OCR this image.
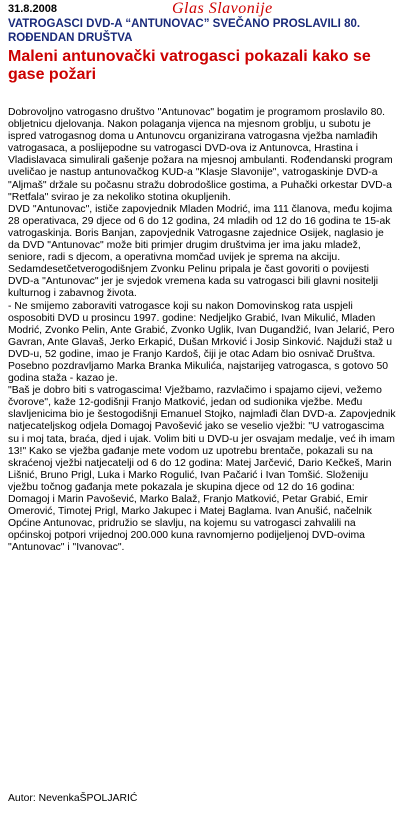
31.8.2008	Glas Slavonije
VATROGASCI DVD-A “ANTUNOVAC” SVEČANO PROSLAVILI 80. ROĐENDAN DRUŠTVA
Maleni antunovački vatrogasci pokazali kako se gase požari

Dobrovoljno vatrogasno društvo "Antunovac" bogatim je programom proslavilo 80. obljetnicu djelovanja. Nakon polaganja vijenca na mjesnom groblju, u subotu je ispred vatrogasnog doma u Antunovcu organizirana vatrogasna vježba namlađih vatrogasaca, a poslijepodne su vatrogasci DVD-ova iz Antunovca, Hrastina i Vladislavaca simulirali gašenje požara na mjesnoj ambulanti. Rođendanski program uveličao je nastup antunovačkog KUD-a "Klasje Slavonije", vatrogaskinje DVD-a "Aljmaš" držale su počasnu stražu dobrodošlice gostima, a Puhački orkestar DVD-a "Retfala" svirao je za nekoliko stotina okupljenih.

DVD "Antunovac", ističe zapovjednik Mladen Modrić, ima 111 članova, među kojima 28 operativaca, 29 djece od 6 do 12 godina, 24 mladih od 12 do 16 godina te 15-ak vatrogaskinja. Boris Banjan, zapovjednik Vatrogasne zajednice Osijek, naglasio je da DVD "Antunovac" može biti primjer drugim društvima jer ima jaku mladež, seniore, radi s djecom, a operativna momčad uvijek je sprema na akciju. Sedamdesetčetverogodišnjem Zvonku Pelinu pripala je čast govoriti o povijesti DVD-a "Antunovac" jer je svjedok vremena kada su vatrogasci bili glavni nositelji kulturnog i zabavnog života.

- Ne smijemo zaboraviti vatrogasce koji su nakon Domovinskog rata uspjeli osposobiti DVD u prosincu 1997. godine: Nedjeljko Grabić, Ivan Mikulić, Mladen Modrić, Zvonko Pelin, Ante Grabić, Zvonko Uglik, Ivan Dugandžić, Ivan Jelarić, Pero Gavran, Ante Glavaš, Jerko Erkapić, Dušan Mrković i Josip Sinković. Najduži staž u DVD-u, 52 godine, imao je Franjo Kardoš, čiji je otac Adam bio osnivač Društva. Posebno pozdravljamo Marka Branka Mikulića, najstarijeg vatrogasca, s gotovo 50 godina staža - kazao je.

"Baš je dobro biti s vatrogascima! Vježbamo, razvlačimo i spajamo cijevi, vežemo čvorove", kaže 12-godišnji Franjo Matković, jedan od sudionika vježbe. Među slavljenicima bio je šestogodišnji Emanuel Stojko, najmlađi član DVD-a. Zapovjednik natjecateljskog odjela Domagoj Pavošević jako se veselio vježbi: "U vatrogascima su i moj tata, braća, djed i ujak. Volim biti u DVD-u jer osvajam medalje, već ih imam 13!" Kako se vježba gađanje mete vodom uz upotrebu brentače, pokazali su na skraćenoj vježbi natjecatelji od 6 do 12 godina: Matej Jarčević, Dario Kečkeš, Marin Lišnić, Bruno Prigl, Luka i Marko Rogulić, Ivan Pačarić i Ivan Tomšić. Složeniju vježbu točnog gađanja mete pokazala je skupina djece od 12 do 16 godina: Domagoj i Marin Pavošević, Marko Balaž, Franjo Matković, Petar Grabić, Emir Omerović, Timotej Prigl, Marko Jakupec i Matej Baglama. Ivan Anušić, načelnik Općine Antunovac, pridružio se slavlju, na kojemu su vatrogasci zahvalili na općinskoj potpori vrijednoj 200.000 kuna ravnomjerno podijeljenoj DVD-ovima "Antunovac" i "Ivanovac".

Autor: NevenkaŠPOLJARIĆ
